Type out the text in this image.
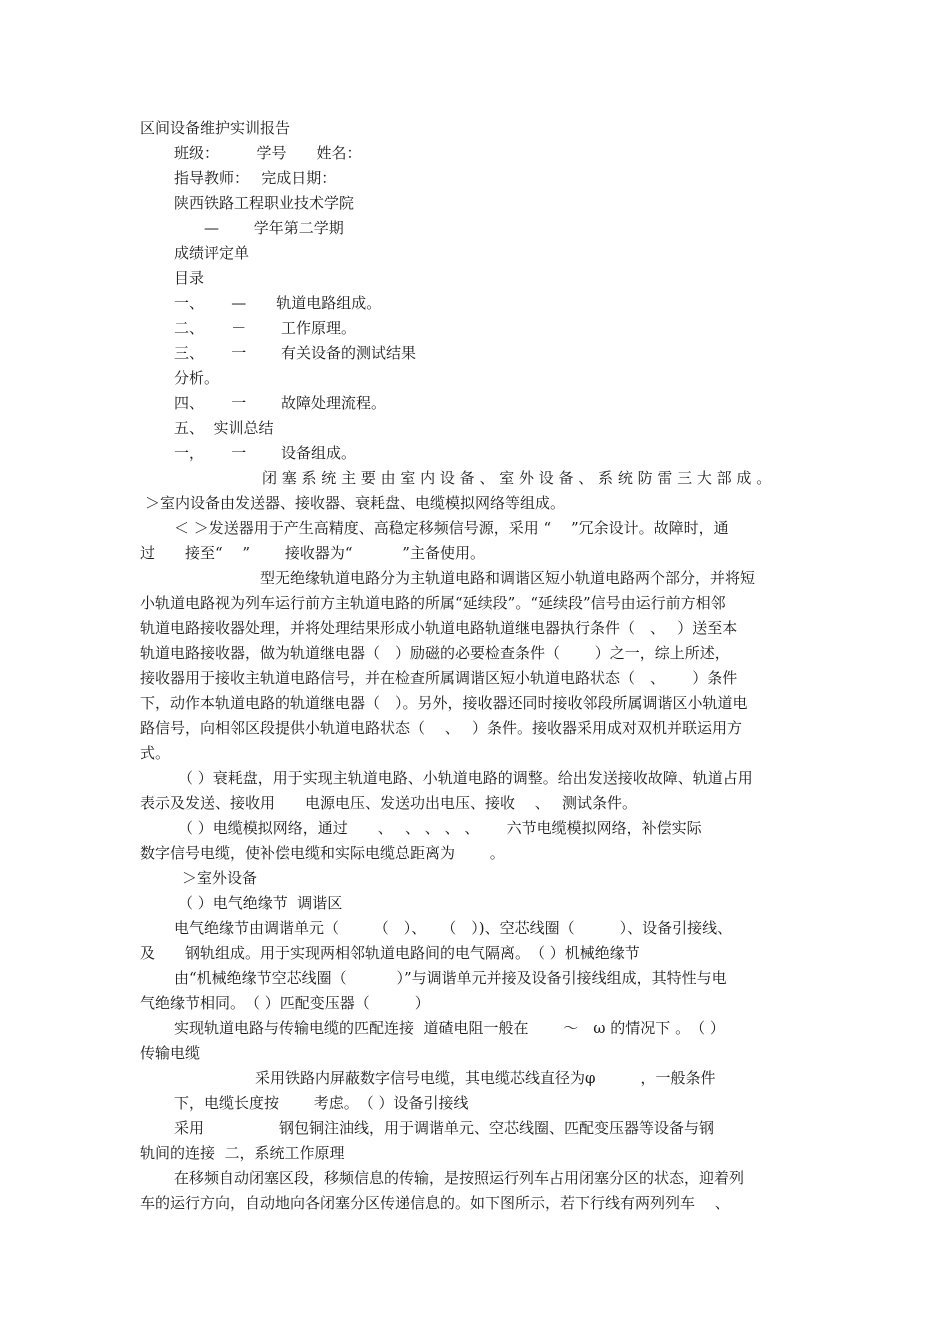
区间设备维护实训报告
班级：　　　学号　　姓名：
指导教师：　 完成日期：
陕西铁路工程职业技术学院
　　—　　 学年第二学期
成绩评定单
目录
一、　　 —　　轨道电路组成。
二、　　 －　　 工作原理。
三、　　 一　　 有关设备的测试结果
分析。
四、　　 一　　 故障处理流程。
五、  实训总结
一，　　 一　　 设备组成。
闭 塞 系 统 主 要 由 室 内 设 备 、 室 外 设 备 、 系 统 防 雷 三 大 部 成 。
＞室内设备由发送器、接收器、衰耗盘、电缆模拟网络等组成。
＜ ＞发送器用于产生高精度、高稳定移频信号源，采用 “　 ”冗余设计。故障时，通
过　　接至“　 ”　　 接收器为“　　　 ”主备使用。
型无绝缘轨道电路分为主轨道电路和调谐区短小轨道电路两个部分，并将短
小轨道电路视为列车运行前方主轨道电路的所属“延续段”。“延续段”信号由运行前方相邻
轨道电路接收器处理，并将处理结果形成小轨道电路轨道继电器执行条件（　、　 ）送至本
轨道电路接收器，做为轨道继电器（　）励磁的必要检查条件（　　 ）之一，综上所述，
接收器用于接收主轨道电路信号，并在检查所属调谐区短小轨道电路状态（　、　　 ）条件
下，动作本轨道电路的轨道继电器（　）。另外，接收器还同时接收邻段所属调谐区小轨道电
路信号，向相邻区段提供小轨道电路状态（　 、　 ）条件。接收器采用成对双机并联运用方
式。
（ ）衰耗盘，用于实现主轨道电路、小轨道电路的调整。给出发送接收故障、轨道占用
表示及发送、接收用　　电源电压、发送功出电压、接收　 、　 测试条件。
（ ）电缆模拟网络，通过　　、　 、 、 、 、　　 六节电缆模拟网络，补偿实际
数字信号电缆，使补偿电缆和实际电缆总距离为　　 。
＞室外设备
（ ）电气绝缘节  调谐区
电气绝缘节由调谐单元（　　 （　）、　　（　）)、空芯线圈（　　　）、设备引接线、
及　　钢轨组成。用于实现两相邻轨道电路间的电气隔离。　（ ）机械绝缘节
由“机械绝缘节空芯线圈（　　　 ）”与调谐单元并接及设备引接线组成，其特性与电
气绝缘节相同。　（ ）匹配变压器（　　　）
实现轨道电路与传输电缆的匹配连接  道碴电阻一般在　　 ～　ω 的情况下 。　（ ）
传输电缆
采用铁路内屏蔽数字信号电缆，其电缆芯线直径为φ　　　，一般条件
下，电缆长度按　　 考虑。　（ ）设备引接线
采用　　　　　钢包铜注油线，用于调谐单元、空芯线圈、匹配变压器等设备与钢
轨间的连接  二，系统工作原理
在移频自动闭塞区段，移频信息的传输，是按照运行列车占用闭塞分区的状态，迎着列
车的运行方向，自动地向各闭塞分区传递信息的。如下图所示，若下行线有两列列车　 、
